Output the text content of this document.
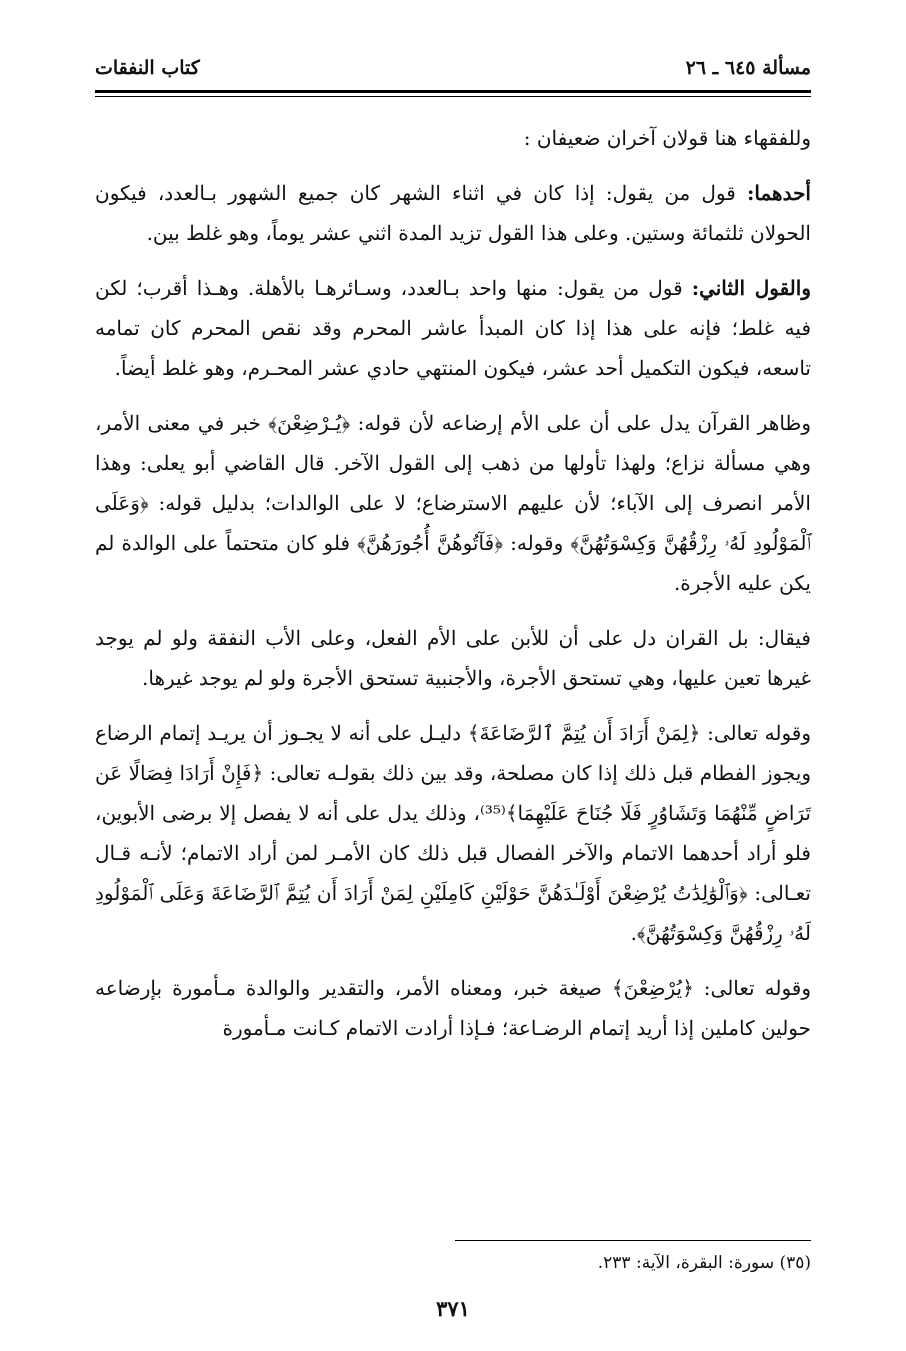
مسألة ٦٤٥ ـ ٢٦
كتاب النفقات

وللفقهاء هنا قولان آخران ضعيفان :

أحدهما: قول من يقول: إذا كان في اثناء الشهر كان جميع الشهور بـالعدد، فيكون الحولان ثلثمائة وستين. وعلى هذا القول تزيد المدة اثني عشر يوماً، وهو غلط بين.

والقول الثاني: قول من يقول: منها واحد بـالعدد، وسـائرهـا بالأهلة. وهـذا أقرب؛ لكن فيه غلط؛ فإنه على هذا إذا كان المبدأ عاشر المحرم وقد نقص المحرم كان تمامه تاسعه، فيكون التكميل أحد عشر، فيكون المنتهي حادي عشر المحـرم، وهو غلط أيضاً.

وظاهر القرآن يدل على أن على الأم إرضاعه لأن قوله: ﴿يُـرْضِعْنَ﴾ خبر في معنى الأمر، وهي مسألة نزاع؛ ولهذا تأولها من ذهب إلى القول الآخر. قال القاضي أبو يعلى: وهذا الأمر انصرف إلى الآباء؛ لأن عليهم الاسترضاع؛ لا على الوالدات؛ بدليل قوله: ﴿وَعَلَى ٱلْمَوْلُودِ لَهُۥ رِزْقُهُنَّ وَكِسْوَتُهُنَّ﴾ وقوله: ﴿فَآتُوهُنَّ أُجُورَهُنَّ﴾ فلو كان متحتماً على الوالدة لم يكن عليه الأجرة.

فيقال: بل القران دل على أن للأبن على الأم الفعل، وعلى الأب النفقة ولو لم يوجد غيرها تعين عليها، وهي تستحق الأجرة، والأجنبية تستحق الأجرة ولو لم يوجد غيرها.

وقوله تعالى: ﴿لِمَنْ أَرَادَ أَن يُتِمَّ ٱلرَّضَاعَةَ﴾ دليـل على أنه لا يجـوز أن يريـد إتمام الرضاع ويجوز الفطام قبل ذلك إذا كان مصلحة، وقد بين ذلك بقولـه تعالى: ﴿فَإِنْ أَرَادَا فِصَالًا عَن تَرَاضٍ مِّنْهُمَا وَتَشَاوُرٍ فَلَا جُنَاحَ عَلَيْهِمَا﴾⁽³⁵⁾، وذلك يدل على أنه لا يفصل إلا برضى الأبوين، فلو أراد أحدهما الاتمام والآخر الفصال قبل ذلك كان الأمـر لمن أراد الاتمام؛ لأنـه قـال تعـالى: ﴿وَٱلْوَٰلِدَٰتُ يُرْضِعْنَ أَوْلَـٰدَهُنَّ حَوْلَيْنِ كَامِلَيْنِ لِمَنْ أَرَادَ أَن يُتِمَّ ٱلرَّضَاعَةَ وَعَلَى ٱلْمَوْلُودِ لَهُۥ رِزْقُهُنَّ وَكِسْوَتُهُنَّ﴾.

وقوله تعالى: ﴿يُرْضِعْنَ﴾ صيغة خبر، ومعناه الأمر، والتقدير والوالدة مـأمورة بإرضاعه حولين كاملين إذا أريد إتمام الرضـاعة؛ فـإذا أرادت الاتمام كـانت مـأمورة

(٣٥) سورة: البقرة، الآية: ٢٣٣.
٣٧١
